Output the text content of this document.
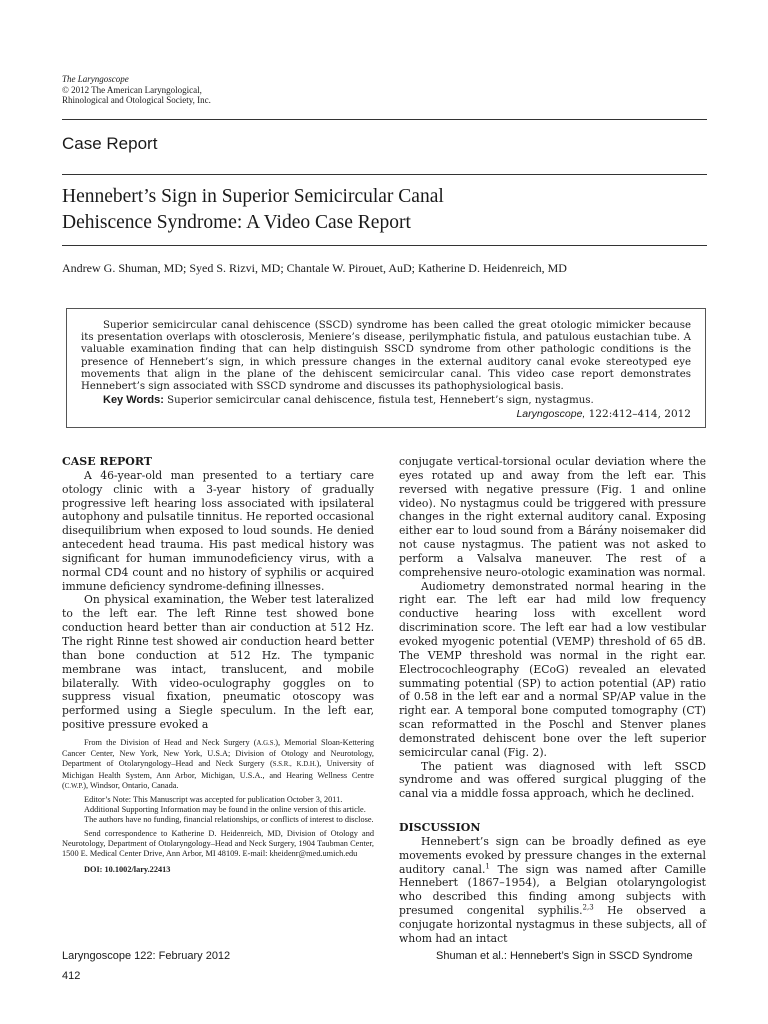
The Laryngoscope
© 2012 The American Laryngological,
Rhinological and Otological Society, Inc.
Case Report
Hennebert’s Sign in Superior Semicircular Canal
Dehiscence Syndrome: A Video Case Report
Andrew G. Shuman, MD; Syed S. Rizvi, MD; Chantale W. Pirouet, AuD; Katherine D. Heidenreich, MD
Superior semicircular canal dehiscence (SSCD) syndrome has been called the great otologic mimicker because its presentation overlaps with otosclerosis, Meniere’s disease, perilymphatic fistula, and patulous eustachian tube. A valuable examination finding that can help distinguish SSCD syndrome from other pathologic conditions is the presence of Hennebert’s sign, in which pressure changes in the external auditory canal evoke stereotyped eye movements that align in the plane of the dehiscent semicircular canal. This video case report demonstrates Hennebert’s sign associated with SSCD syndrome and discusses its pathophysiological basis.
Key Words: Superior semicircular canal dehiscence, fistula test, Hennebert’s sign, nystagmus.
Laryngoscope, 122:412–414, 2012
CASE REPORT

A 46-year-old man presented to a tertiary care otology clinic with a 3-year history of gradually progressive left hearing loss associated with ipsilateral autophony and pulsatile tinnitus. He reported occasional disequilibrium when exposed to loud sounds. He denied antecedent head trauma. His past medical history was significant for human immunodeficiency virus, with a normal CD4 count and no history of syphilis or acquired immune deficiency syndrome-defining illnesses.

On physical examination, the Weber test lateralized to the left ear. The left Rinne test showed bone conduction heard better than air conduction at 512 Hz. The right Rinne test showed air conduction heard better than bone conduction at 512 Hz. The tympanic membrane was intact, translucent, and mobile bilaterally. With video-oculography goggles on to suppress visual fixation, pneumatic otoscopy was performed using a Siegle speculum. In the left ear, positive pressure evoked a

From the Division of Head and Neck Surgery (A.G.S.), Memorial Sloan-Kettering Cancer Center, New York, New York, U.S.A; Division of Otology and Neurotology, Department of Otolaryngology–Head and Neck Surgery (S.S.R., K.D.H.), University of Michigan Health System, Ann Arbor, Michigan, U.S.A., and Hearing Wellness Centre (C.W.P.), Windsor, Ontario, Canada.

Editor’s Note: This Manuscript was accepted for publication October 3, 2011.

Additional Supporting Information may be found in the online version of this article.

The authors have no funding, financial relationships, or conflicts of interest to disclose.

Send correspondence to Katherine D. Heidenreich, MD, Division of Otology and Neurotology, Department of Otolaryngology–Head and Neck Surgery, 1904 Taubman Center, 1500 E. Medical Center Drive, Ann Arbor, MI 48109. E-mail: kheidenr@med.umich.edu

DOI: 10.1002/lary.22413

conjugate vertical-torsional ocular deviation where the eyes rotated up and away from the left ear. This reversed with negative pressure (Fig. 1 and online video). No nystagmus could be triggered with pressure changes in the right external auditory canal. Exposing either ear to loud sound from a Bárány noisemaker did not cause nystagmus. The patient was not asked to perform a Valsalva maneuver. The rest of a comprehensive neuro-otologic examination was normal.

Audiometry demonstrated normal hearing in the right ear. The left ear had mild low frequency conductive hearing loss with excellent word discrimination score. The left ear had a low vestibular evoked myogenic potential (VEMP) threshold of 65 dB. The VEMP threshold was normal in the right ear. Electrocochleography (ECoG) revealed an elevated summating potential (SP) to action potential (AP) ratio of 0.58 in the left ear and a normal SP/AP value in the right ear. A temporal bone computed tomography (CT) scan reformatted in the Poschl and Stenver planes demonstrated dehiscent bone over the left superior semicircular canal (Fig. 2).

The patient was diagnosed with left SSCD syndrome and was offered surgical plugging of the canal via a middle fossa approach, which he declined.

DISCUSSION

Hennebert’s sign can be broadly defined as eye movements evoked by pressure changes in the external auditory canal.$^1$ The sign was named after Camille Hennebert (1867–1954), a Belgian otolaryngologist who described this finding among subjects with presumed congenital syphilis.$^{2,3}$ He observed a conjugate horizontal nystagmus in these subjects, all of whom had an intact

Laryngoscope 122: February 2012
412
Shuman et al.: Hennebert’s Sign in SSCD Syndrome
